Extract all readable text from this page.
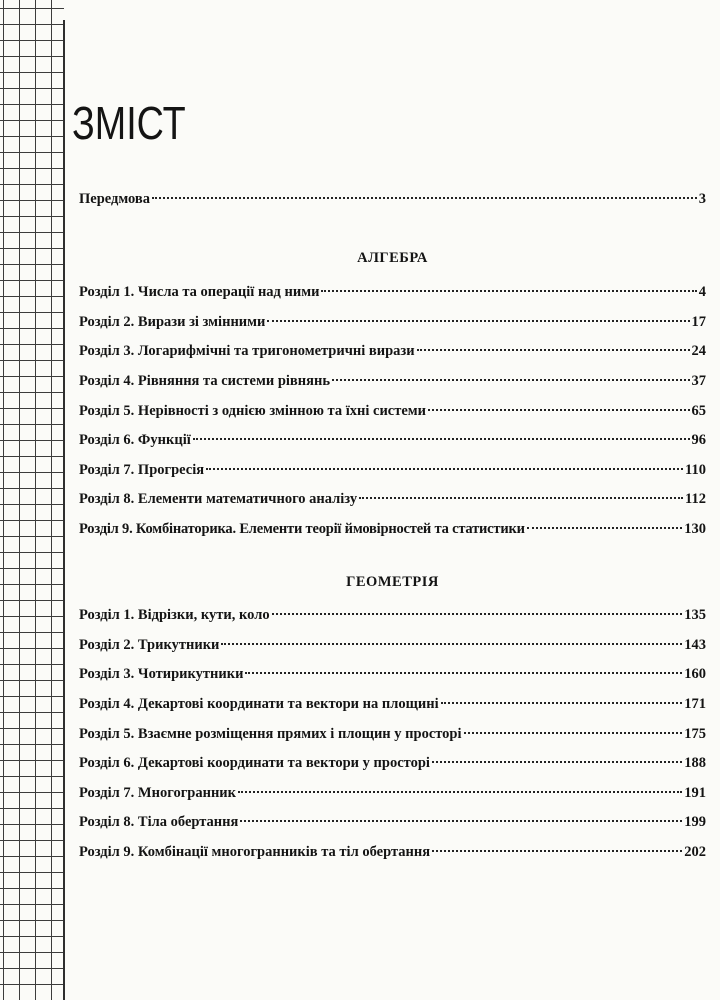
ЗМІСТ
Передмова	3
АЛГЕБРА
Розділ 1. Числа та операції над ними	4
Розділ 2. Вирази зі змінними	17
Розділ 3. Логарифмічні та тригонометричні вирази	24
Розділ 4. Рівняння та системи рівнянь	37
Розділ 5. Нерівності з однією змінною та їхні системи	65
Розділ 6. Функції	96
Розділ 7. Прогресія	110
Розділ 8. Елементи математичного аналізу	112
Розділ 9. Комбінаторика. Елементи теорії ймовірностей та статистики	130
ГЕОМЕТРІЯ
Розділ 1. Відрізки, кути, коло	135
Розділ 2. Трикутники	143
Розділ 3. Чотирикутники	160
Розділ 4. Декартові координати та вектори на площині	171
Розділ 5. Взаємне розміщення прямих і площин у просторі	175
Розділ 6. Декартові координати та вектори у просторі	188
Розділ 7. Многогранник	191
Розділ 8. Тіла обертання	199
Розділ 9. Комбінації многогранників та тіл обертання	202
